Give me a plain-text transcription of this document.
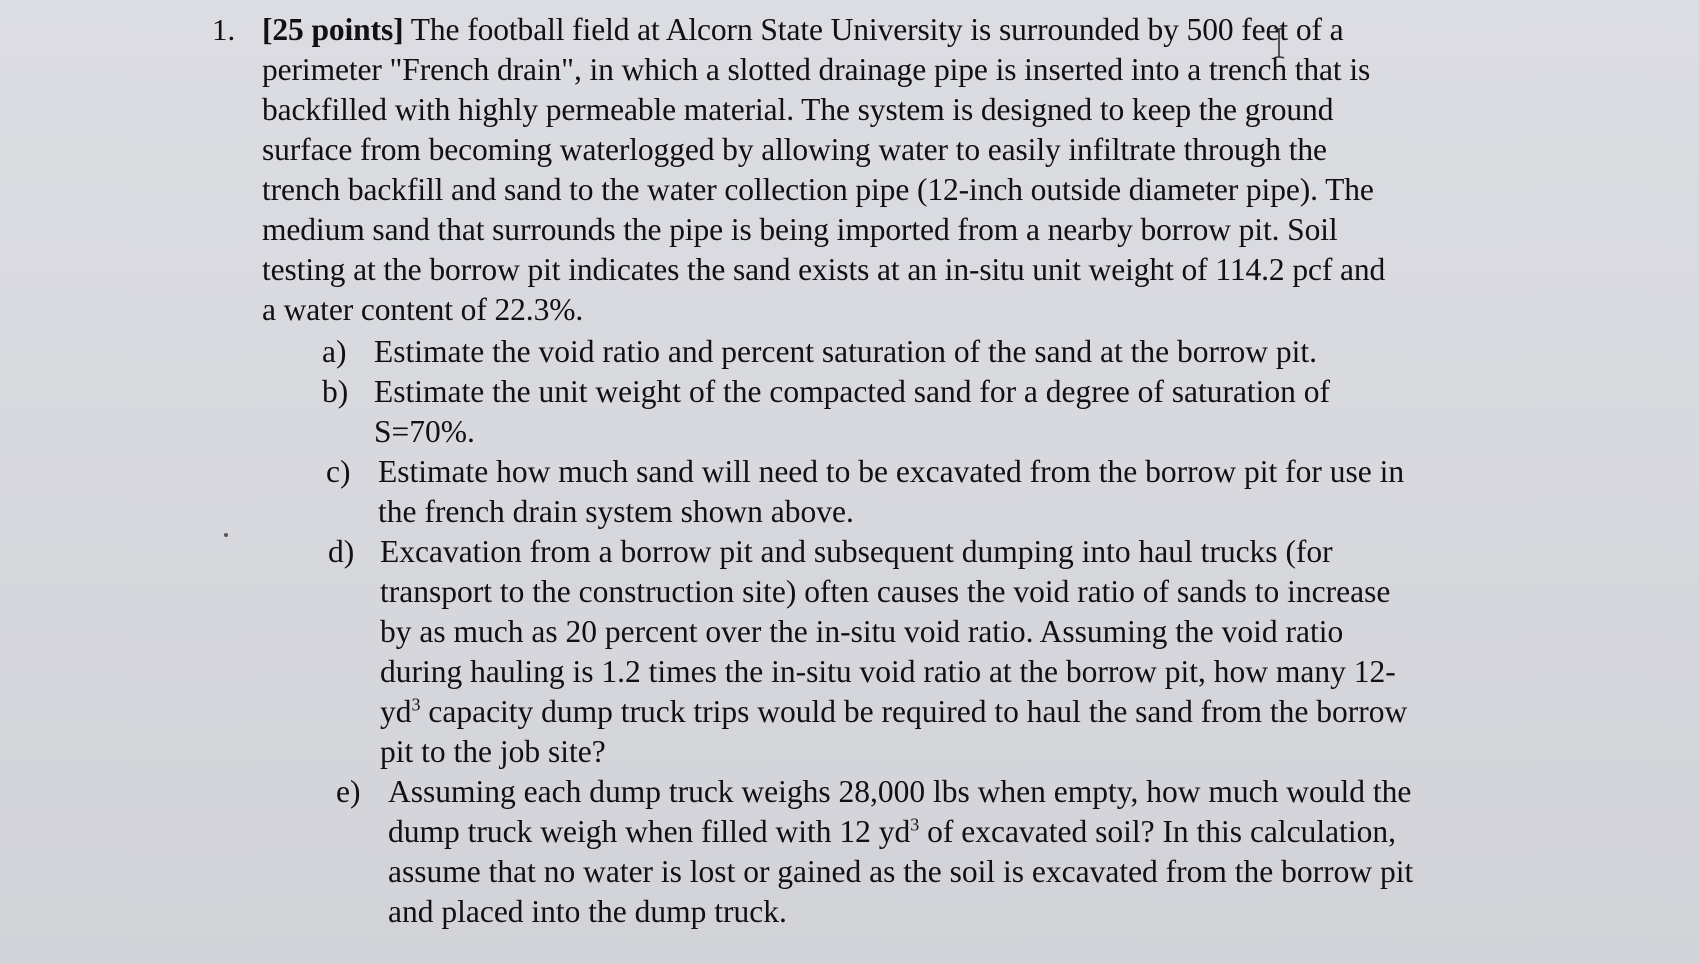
1. [25 points] The football field at Alcorn State University is surrounded by 500 feet of a
perimeter "French drain", in which a slotted drainage pipe is inserted into a trench that is
backfilled with highly permeable material. The system is designed to keep the ground
surface from becoming waterlogged by allowing water to easily infiltrate through the
trench backfill and sand to the water collection pipe (12-inch outside diameter pipe). The
medium sand that surrounds the pipe is being imported from a nearby borrow pit. Soil
testing at the borrow pit indicates the sand exists at an in-situ unit weight of 114.2 pcf and
a water content of 22.3%.
a) Estimate the void ratio and percent saturation of the sand at the borrow pit.
b) Estimate the unit weight of the compacted sand for a degree of saturation of
S=70%.
c) Estimate how much sand will need to be excavated from the borrow pit for use in
the french drain system shown above.
d) Excavation from a borrow pit and subsequent dumping into haul trucks (for
transport to the construction site) often causes the void ratio of sands to increase
by as much as 20 percent over the in-situ void ratio. Assuming the void ratio
during hauling is 1.2 times the in-situ void ratio at the borrow pit, how many 12-
$yd^3$ capacity dump truck trips would be required to haul the sand from the borrow
pit to the job site?
e) Assuming each dump truck weighs 28,000 lbs when empty, how much would the
dump truck weigh when filled with 12 $yd^3$ of excavated soil? In this calculation,
assume that no water is lost or gained as the soil is excavated from the borrow pit
and placed into the dump truck.
